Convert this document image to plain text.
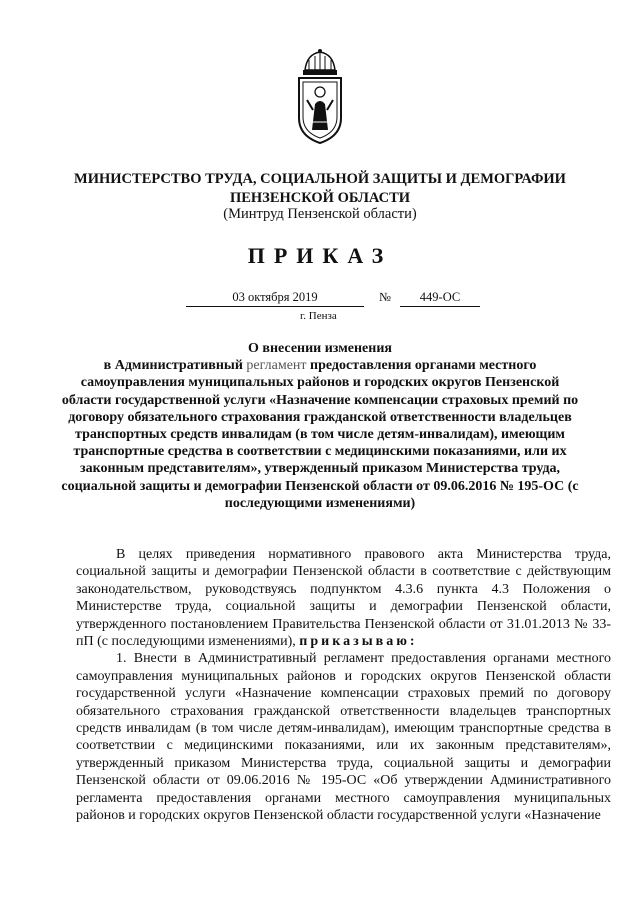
МИНИСТЕРСТВО ТРУДА, СОЦИАЛЬНОЙ ЗАЩИТЫ И ДЕМОГРАФИИ
ПЕНЗЕНСКОЙ ОБЛАСТИ
(Минтруд Пензенской области)
ПРИКАЗ
03 октября 2019	№	449-ОС
г. Пенза
О внесении изменения
в Административный регламент предоставления органами местного
самоуправления муниципальных районов и городских округов Пензенской области государственной услуги «Назначение компенсации страховых премий по договору обязательного страхования гражданской ответственности владельцев транспортных средств инвалидам (в том числе детям-инвалидам), имеющим транспортные средства в соответствии с медицинскими показаниями, или их законным представителям», утвержденный приказом Министерства труда, социальной защиты и демографии Пензенской области от 09.06.2016 № 195-ОС (с последующими изменениями)

В целях приведения нормативного правового акта Министерства труда, социальной защиты и демографии Пензенской области в соответствие с действующим законодательством, руководствуясь подпунктом 4.3.6 пункта 4.3 Положения о Министерстве труда, социальной защиты и демографии Пензенской области, утвержденного постановлением Правительства Пензенской области от 31.01.2013 № 33-пП (с последующими изменениями), приказываю:

1. Внести в Административный регламент предоставления органами местного самоуправления муниципальных районов и городских округов Пензенской области государственной услуги «Назначение компенсации страховых премий по договору обязательного страхования гражданской ответственности владельцев транспортных средств инвалидам (в том числе детям-инвалидам), имеющим транспортные средства в соответствии с медицинскими показаниями, или их законным представителям», утвержденный приказом Министерства труда, социальной защиты и демографии Пензенской области от 09.06.2016 № 195-ОС «Об утверждении Административного регламента предоставления органами местного самоуправления муниципальных районов и городских округов Пензенской области государственной услуги «Назначение
